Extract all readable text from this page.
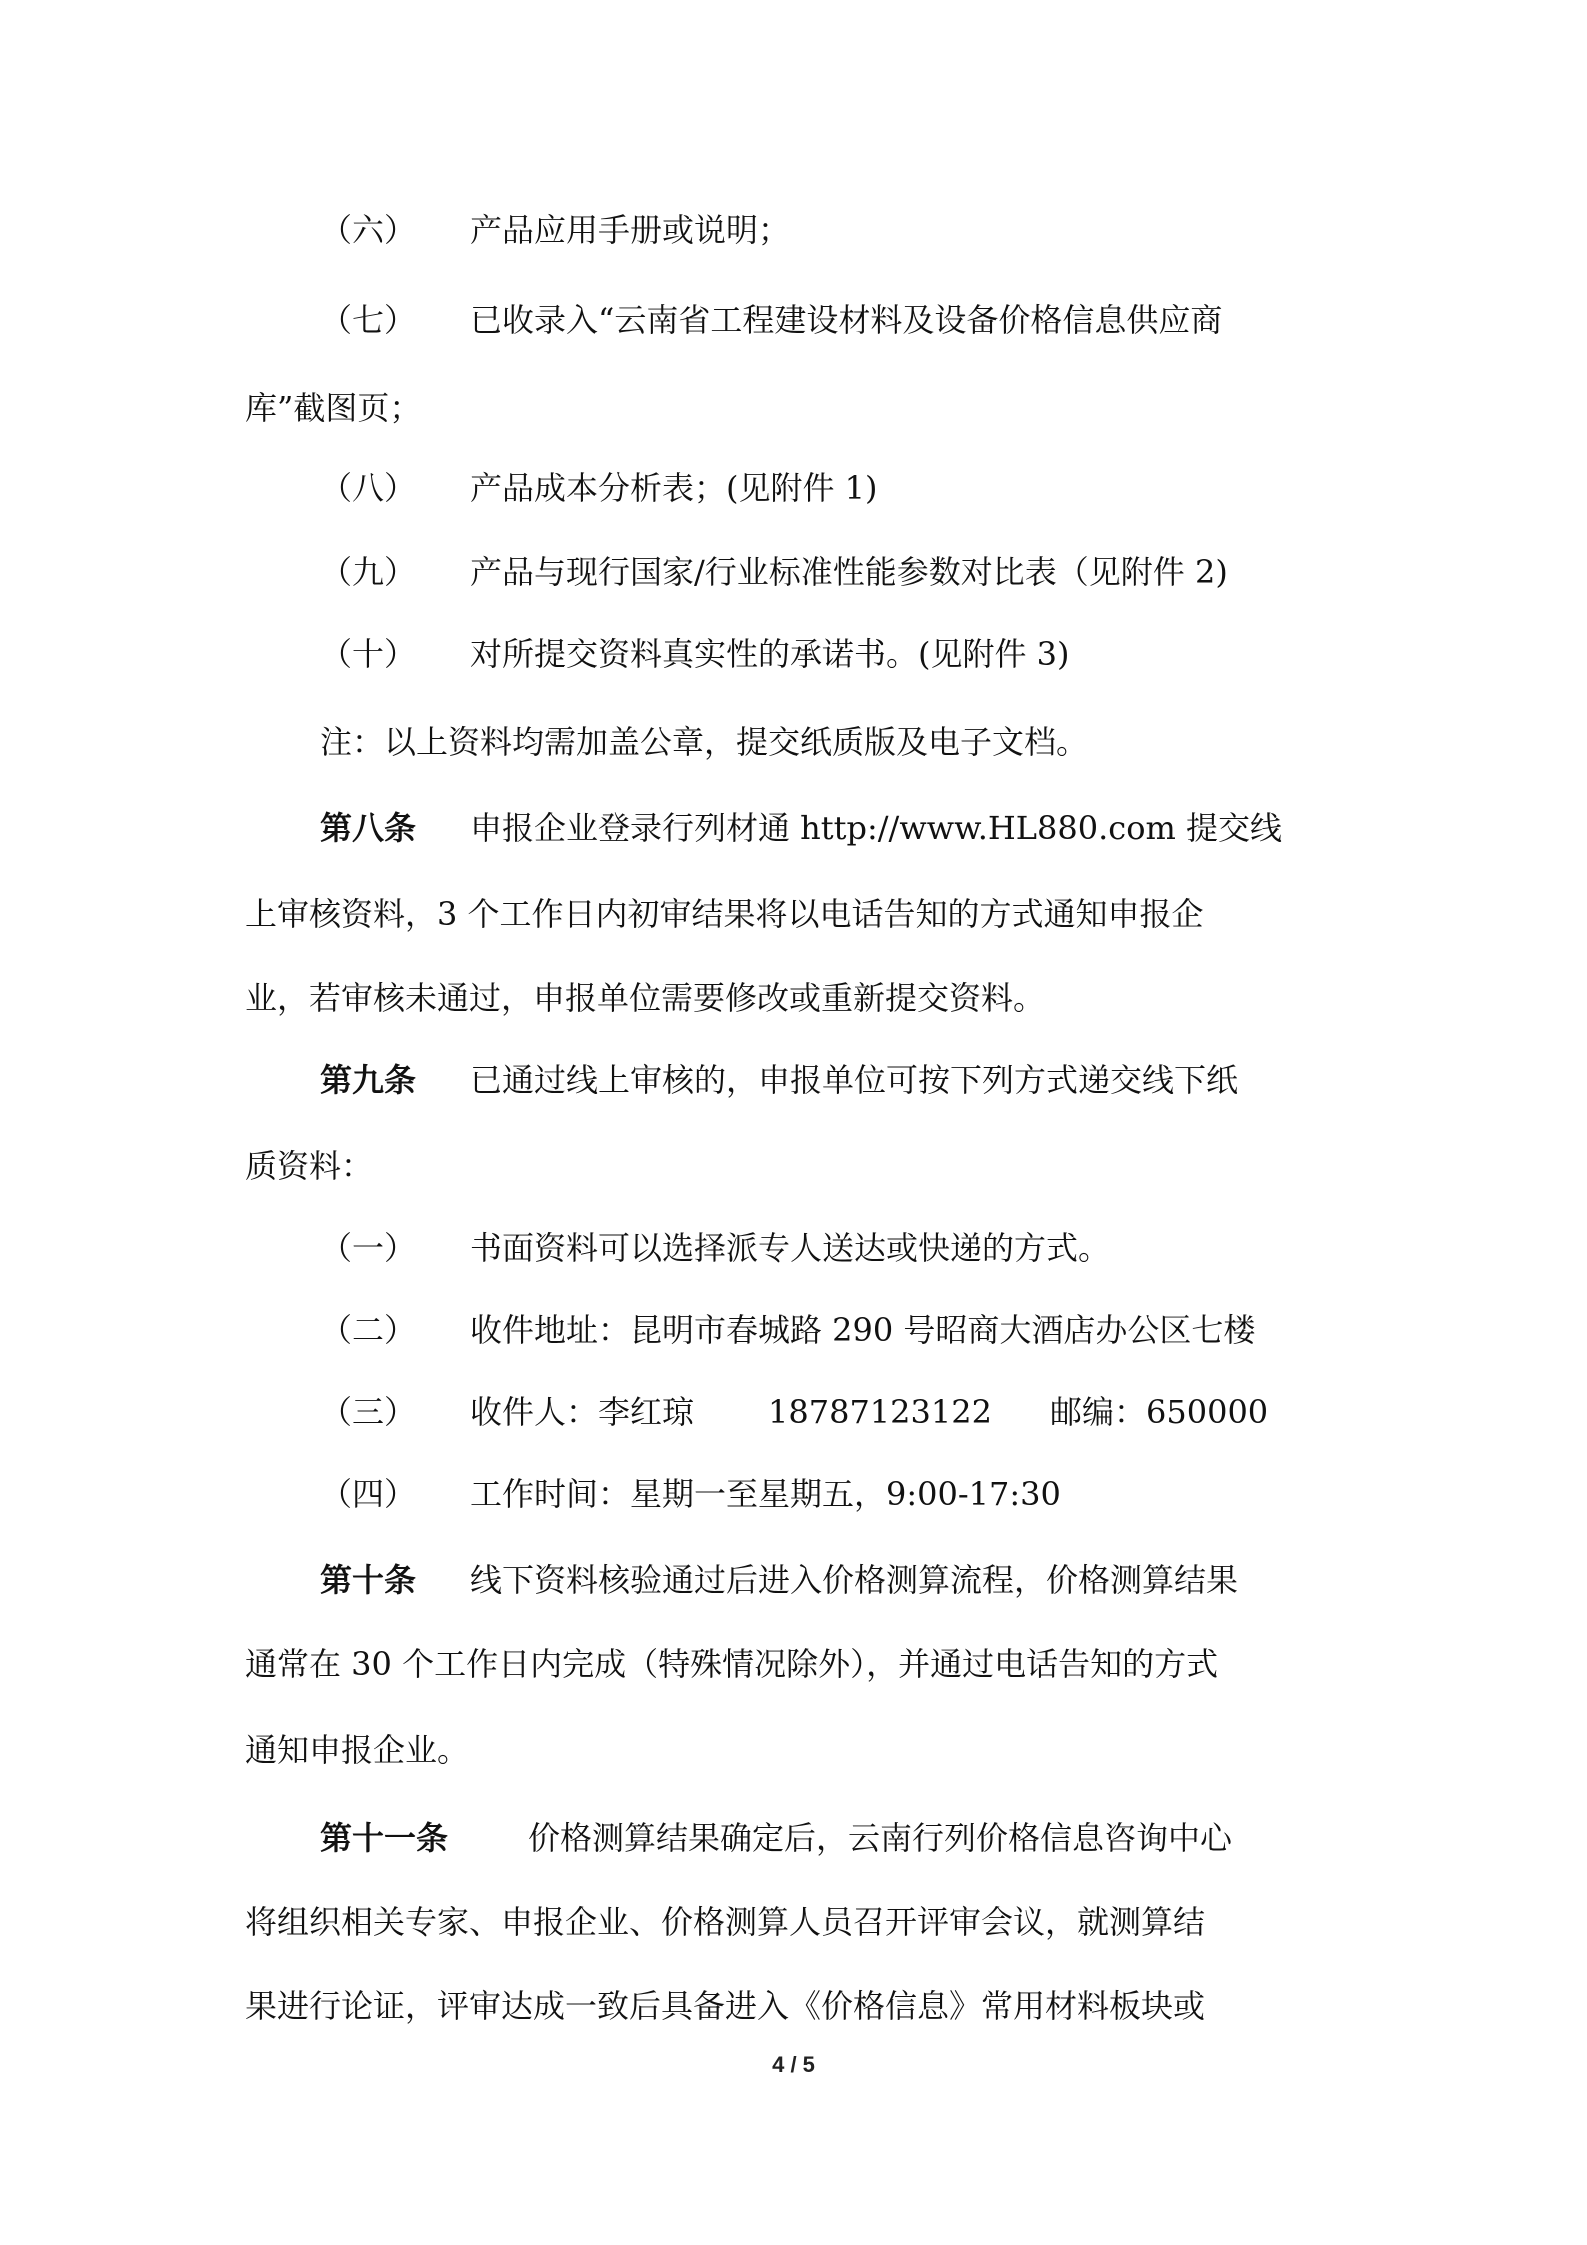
（六） 产品应用手册或说明；
（七） 已收录入“云南省工程建设材料及设备价格信息供应商
库”截图页；
（八） 产品成本分析表；(见附件 1)
（九） 产品与现行国家/行业标准性能参数对比表（见附件 2)
（十） 对所提交资料真实性的承诺书。(见附件 3)
注：以上资料均需加盖公章，提交纸质版及电子文档。
第八条 申报企业登录行列材通 http://www.HL880.com 提交线
上审核资料，3 个工作日内初审结果将以电话告知的方式通知申报企
业，若审核未通过，申报单位需要修改或重新提交资料。
第九条 已通过线上审核的，申报单位可按下列方式递交线下纸
质资料：
（一） 书面资料可以选择派专人送达或快递的方式。
（二） 收件地址：昆明市春城路 290 号昭商大酒店办公区七楼
（三） 收件人：李红琼 18787123122 邮编：650000
（四） 工作时间：星期一至星期五，9:00-17:30
第十条 线下资料核验通过后进入价格测算流程，价格测算结果
通常在 30 个工作日内完成（特殊情况除外），并通过电话告知的方式
通知申报企业。
第十一条 价格测算结果确定后，云南行列价格信息咨询中心
将组织相关专家、申报企业、价格测算人员召开评审会议，就测算结
果进行论证，评审达成一致后具备进入《价格信息》常用材料板块或
4 / 5
